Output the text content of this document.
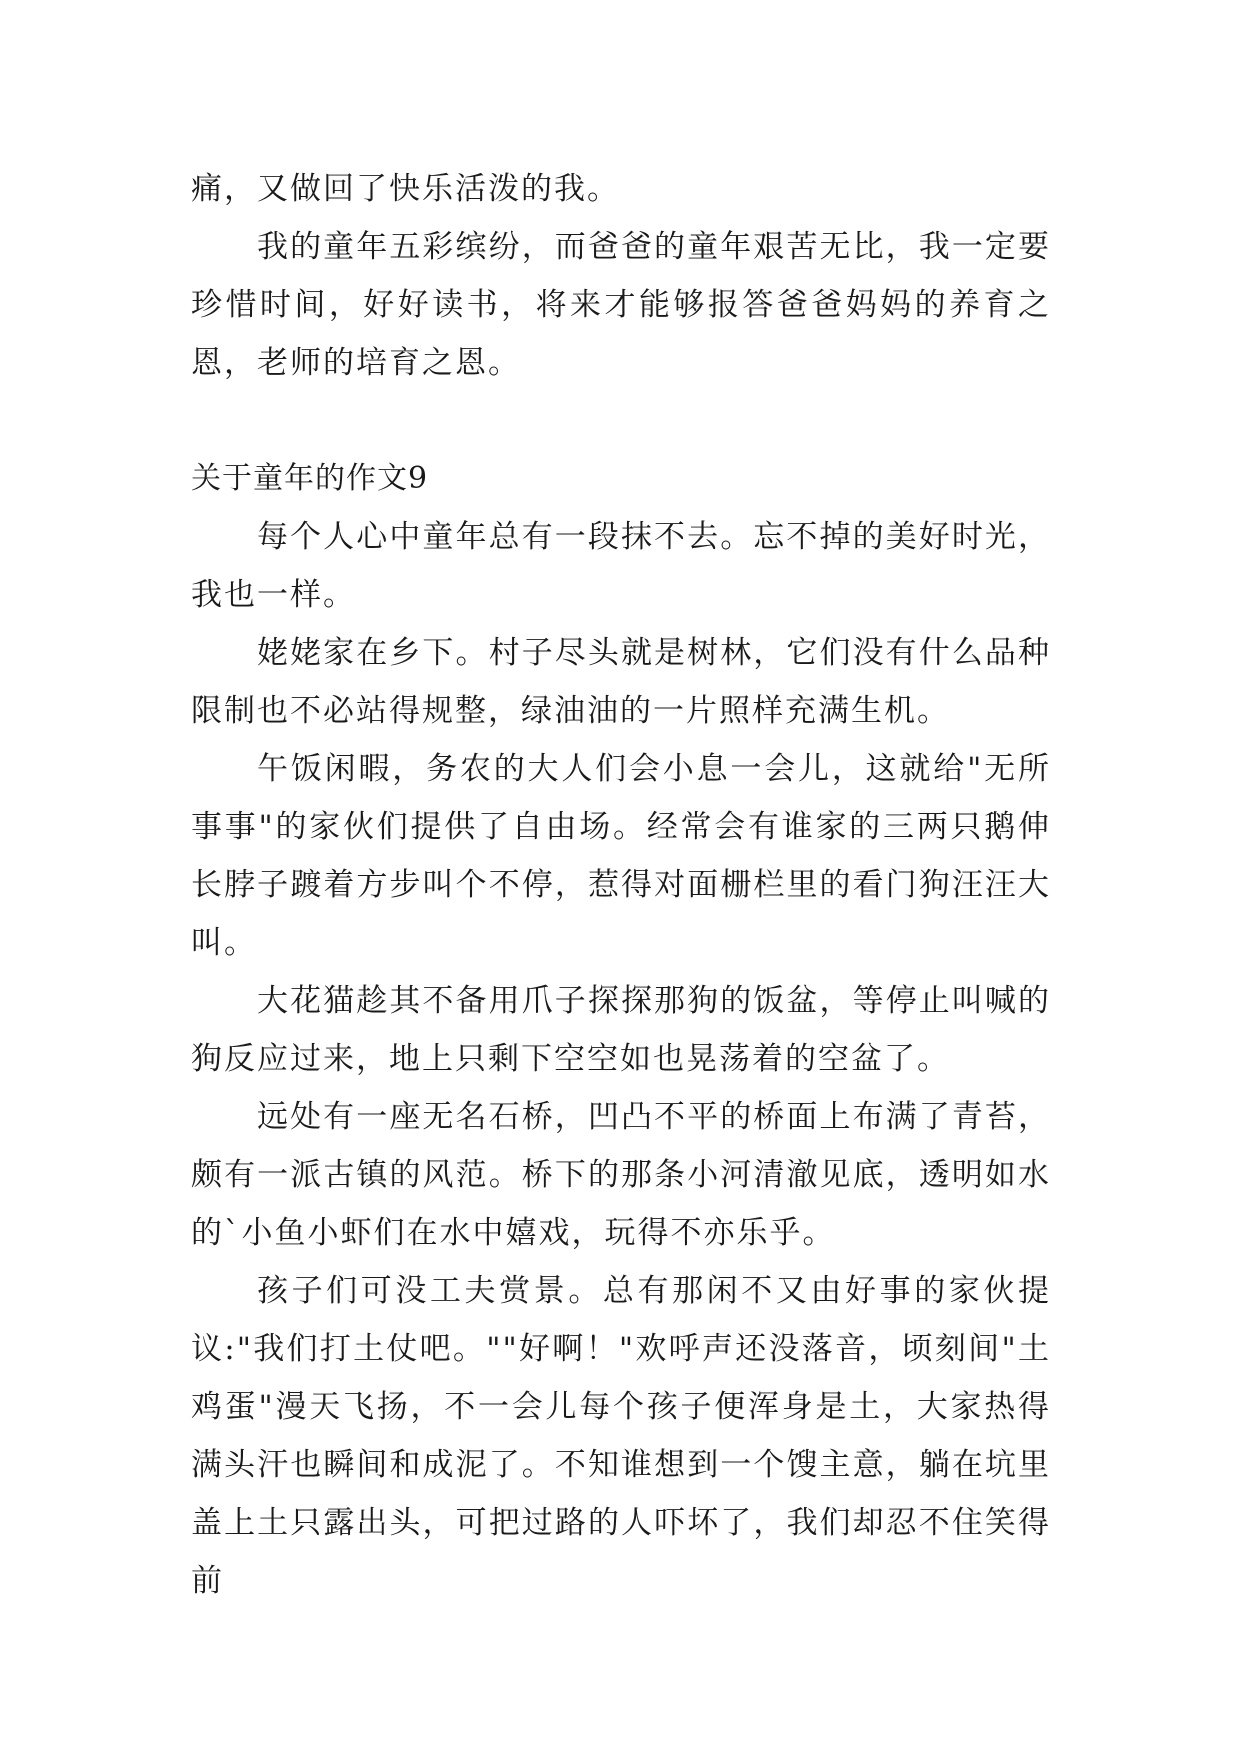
痛，又做回了快乐活泼的我。

我的童年五彩缤纷，而爸爸的童年艰苦无比，我一定要珍惜时间，好好读书，将来才能够报答爸爸妈妈的养育之恩，老师的培育之恩。

关于童年的作文9

每个人心中童年总有一段抹不去。忘不掉的美好时光，我也一样。

姥姥家在乡下。村子尽头就是树林，它们没有什么品种限制也不必站得规整，绿油油的一片照样充满生机。

午饭闲暇，务农的大人们会小息一会儿，这就给"无所事事"的家伙们提供了自由场。经常会有谁家的三两只鹅伸长脖子踱着方步叫个不停，惹得对面栅栏里的看门狗汪汪大叫。

大花猫趁其不备用爪子探探那狗的饭盆，等停止叫喊的狗反应过来，地上只剩下空空如也晃荡着的空盆了。

远处有一座无名石桥，凹凸不平的桥面上布满了青苔，颇有一派古镇的风范。桥下的那条小河清澈见底，透明如水的`小鱼小虾们在水中嬉戏，玩得不亦乐乎。

孩子们可没工夫赏景。总有那闲不又由好事的家伙提议:"我们打土仗吧。""好啊！"欢呼声还没落音，顷刻间"土鸡蛋"漫天飞扬，不一会儿每个孩子便浑身是土，大家热得满头汗也瞬间和成泥了。不知谁想到一个馊主意，躺在坑里盖上土只露出头，可把过路的人吓坏了，我们却忍不住笑得前
